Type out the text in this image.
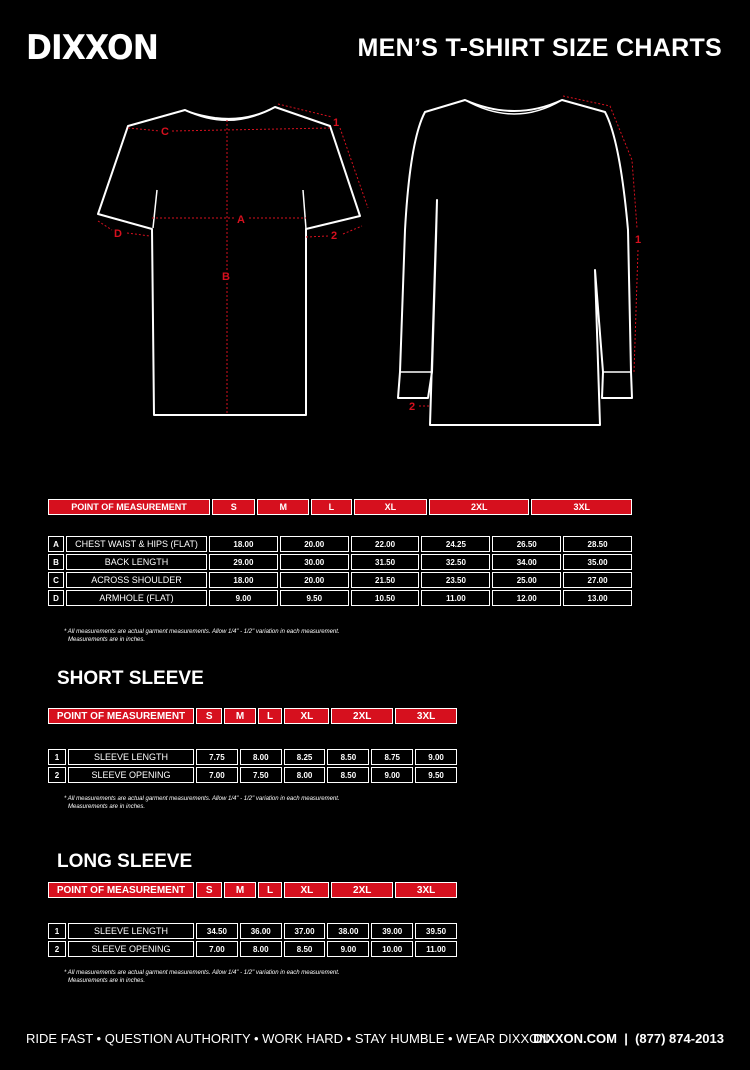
DIXXON	MEN’S T-SHIRT SIZE CHARTS
C
A
B
D
1
2	1
2
POINT OF MEASUREMENT	S	M	L	XL	2XL	3XL
A	CHEST WAIST & HIPS (FLAT)	18.00	20.00	22.00	24.25	26.50	28.50
B	BACK LENGTH	29.00	30.00	31.50	32.50	34.00	35.00
C	ACROSS SHOULDER	18.00	20.00	21.50	23.50	25.00	27.00
D	ARMHOLE (FLAT)	9.00	9.50	10.50	11.00	12.00	13.00
* All measurements are actual garment measurements. Allow 1/4" - 1/2" variation in each measurement.
Measurements are in inches.
SHORT SLEEVE
POINT OF MEASUREMENT	S	M	L	XL	2XL	3XL
1	SLEEVE LENGTH	7.75	8.00	8.25	8.50	8.75	9.00
2	SLEEVE OPENING	7.00	7.50	8.00	8.50	9.00	9.50
* All measurements are actual garment measurements. Allow 1/4" - 1/2" variation in each measurement.
Measurements are in inches.
LONG SLEEVE
POINT OF MEASUREMENT	S	M	L	XL	2XL	3XL
1	SLEEVE LENGTH	34.50	36.00	37.00	38.00	39.00	39.50
2	SLEEVE OPENING	7.00	8.00	8.50	9.00	10.00	11.00
* All measurements are actual garment measurements. Allow 1/4" - 1/2" variation in each measurement.
Measurements are in inches.
RIDE FAST • QUESTION AUTHORITY • WORK HARD • STAY HUMBLE • WEAR DIXXON
DIXXON.COM  |  (877) 874-2013
